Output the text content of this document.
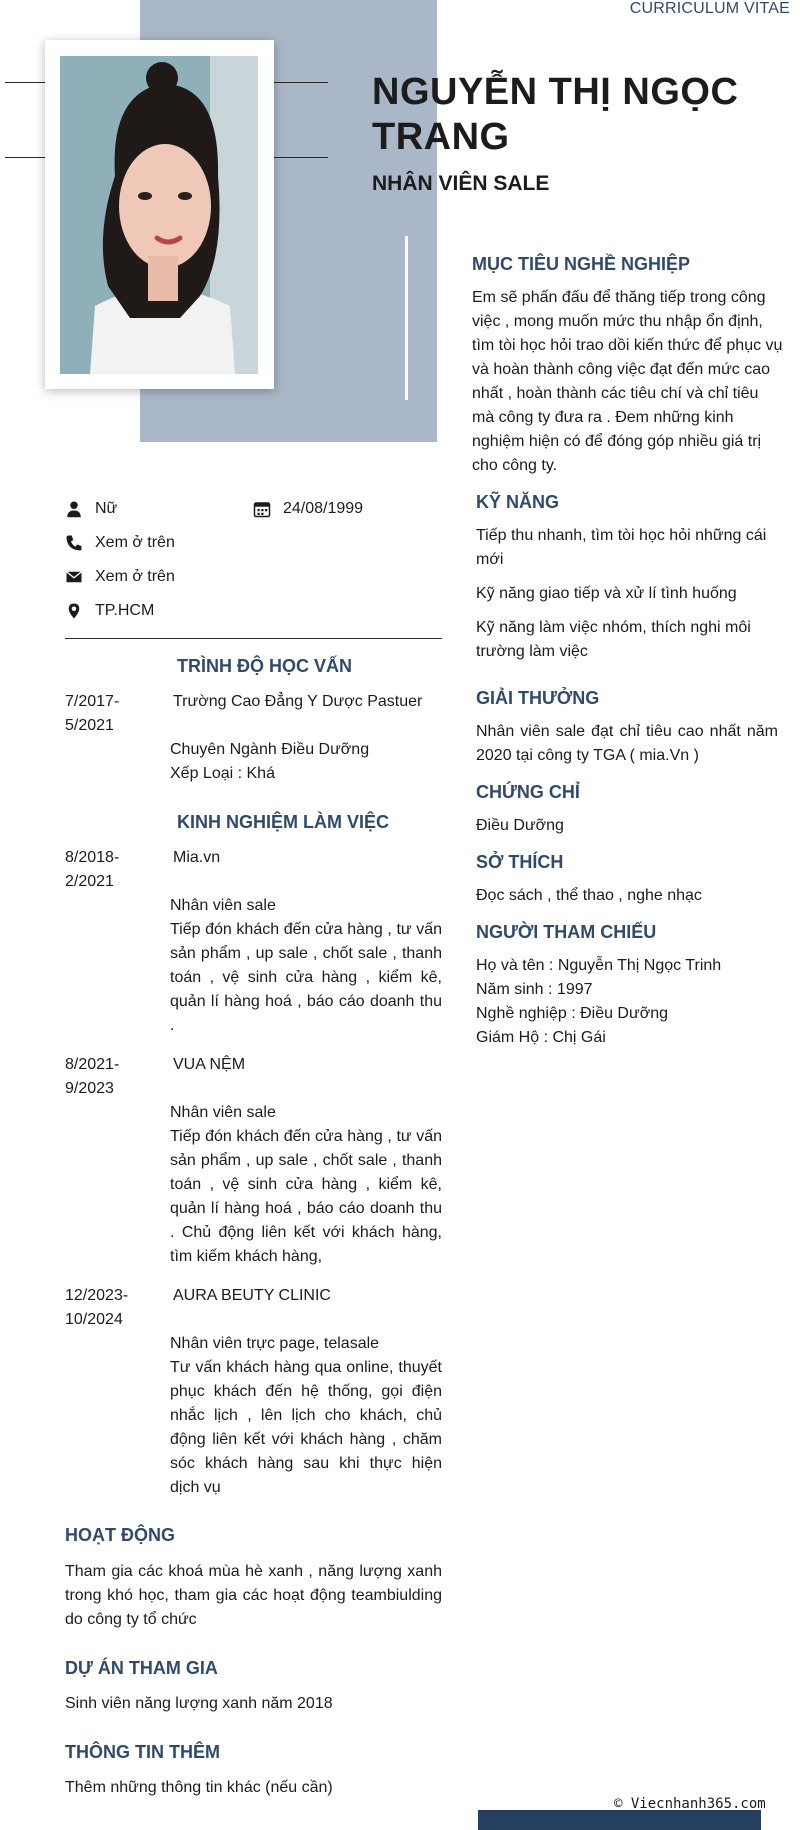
CURRICULUM VITAE
NGUYỄN THỊ NGỌC TRANG
NHÂN VIÊN SALE
Nữ	24/08/1999
Xem ở trên
Xem ở trên
TP.HCM
TRÌNH ĐỘ HỌC VẤN
7/2017-5/2021
Trường Cao Đẳng Y Dược Pastuer
Chuyên Ngành Điều Dưỡng
Xếp Loại : Khá
KINH NGHIỆM LÀM VIỆC
8/2018-2/2021
Mia.vn
Nhân viên sale
Tiếp đón khách đến cửa hàng , tư vấn sản phẩm , up sale , chốt sale , thanh toán , vệ sinh cửa hàng , kiểm kê, quản lí hàng hoá , báo cáo doanh thu .
8/2021-9/2023
VUA NỆM
Nhân viên sale
Tiếp đón khách đến cửa hàng , tư vấn sản phẩm , up sale , chốt sale , thanh toán , vệ sinh cửa hàng , kiểm kê, quản lí hàng hoá , báo cáo doanh thu . Chủ động liên kết với khách hàng, tìm kiếm khách hàng,
12/2023-10/2024
AURA BEUTY CLINIC
Nhân viên trực page, telasale
Tư vấn khách hàng qua online, thuyết phục khách đến hệ thống, gọi điện nhắc lịch , lên lịch cho khách, chủ động liên kết với khách hàng , chăm sóc khách hàng sau khi thực hiện dịch vụ
HOẠT ĐỘNG
Tham gia các khoá mùa hè xanh , năng lượng xanh trong khó học, tham gia các hoạt động teambiulding do công ty tổ chức
DỰ ÁN THAM GIA
Sinh viên năng lượng xanh năm 2018
THÔNG TIN THÊM
Thêm những thông tin khác (nếu cần)
MỤC TIÊU NGHỀ NGHIỆP
Em sẽ phấn đấu để thăng tiếp trong công việc , mong muốn mức thu nhập ổn định, tìm tòi học hỏi trao dồi kiến thức để phục vụ và hoàn thành công việc đạt đến mức cao nhất , hoàn thành các tiêu chí và chỉ tiêu mà công ty đưa ra . Đem những kinh nghiệm hiện có để đóng góp nhiều giá trị cho công ty.
KỸ NĂNG
Tiếp thu nhanh, tìm tòi học hỏi những cái mới
Kỹ năng giao tiếp và xử lí tình huống
Kỹ năng làm việc nhóm, thích nghi môi trường làm việc
GIẢI THƯỞNG
Nhân viên sale đạt chỉ tiêu cao nhất năm 2020 tại công ty TGA ( mia.Vn )
CHỨNG CHỈ
Điều Dưỡng
SỞ THÍCH
Đọc sách , thể thao , nghe nhạc
NGƯỜI THAM CHIẾU
Họ và tên : Nguyễn Thị Ngọc Trinh
Năm sinh : 1997
Nghề nghiệp : Điều Dưỡng
Giám Hộ : Chị Gái
© Viecnhanh365.com
